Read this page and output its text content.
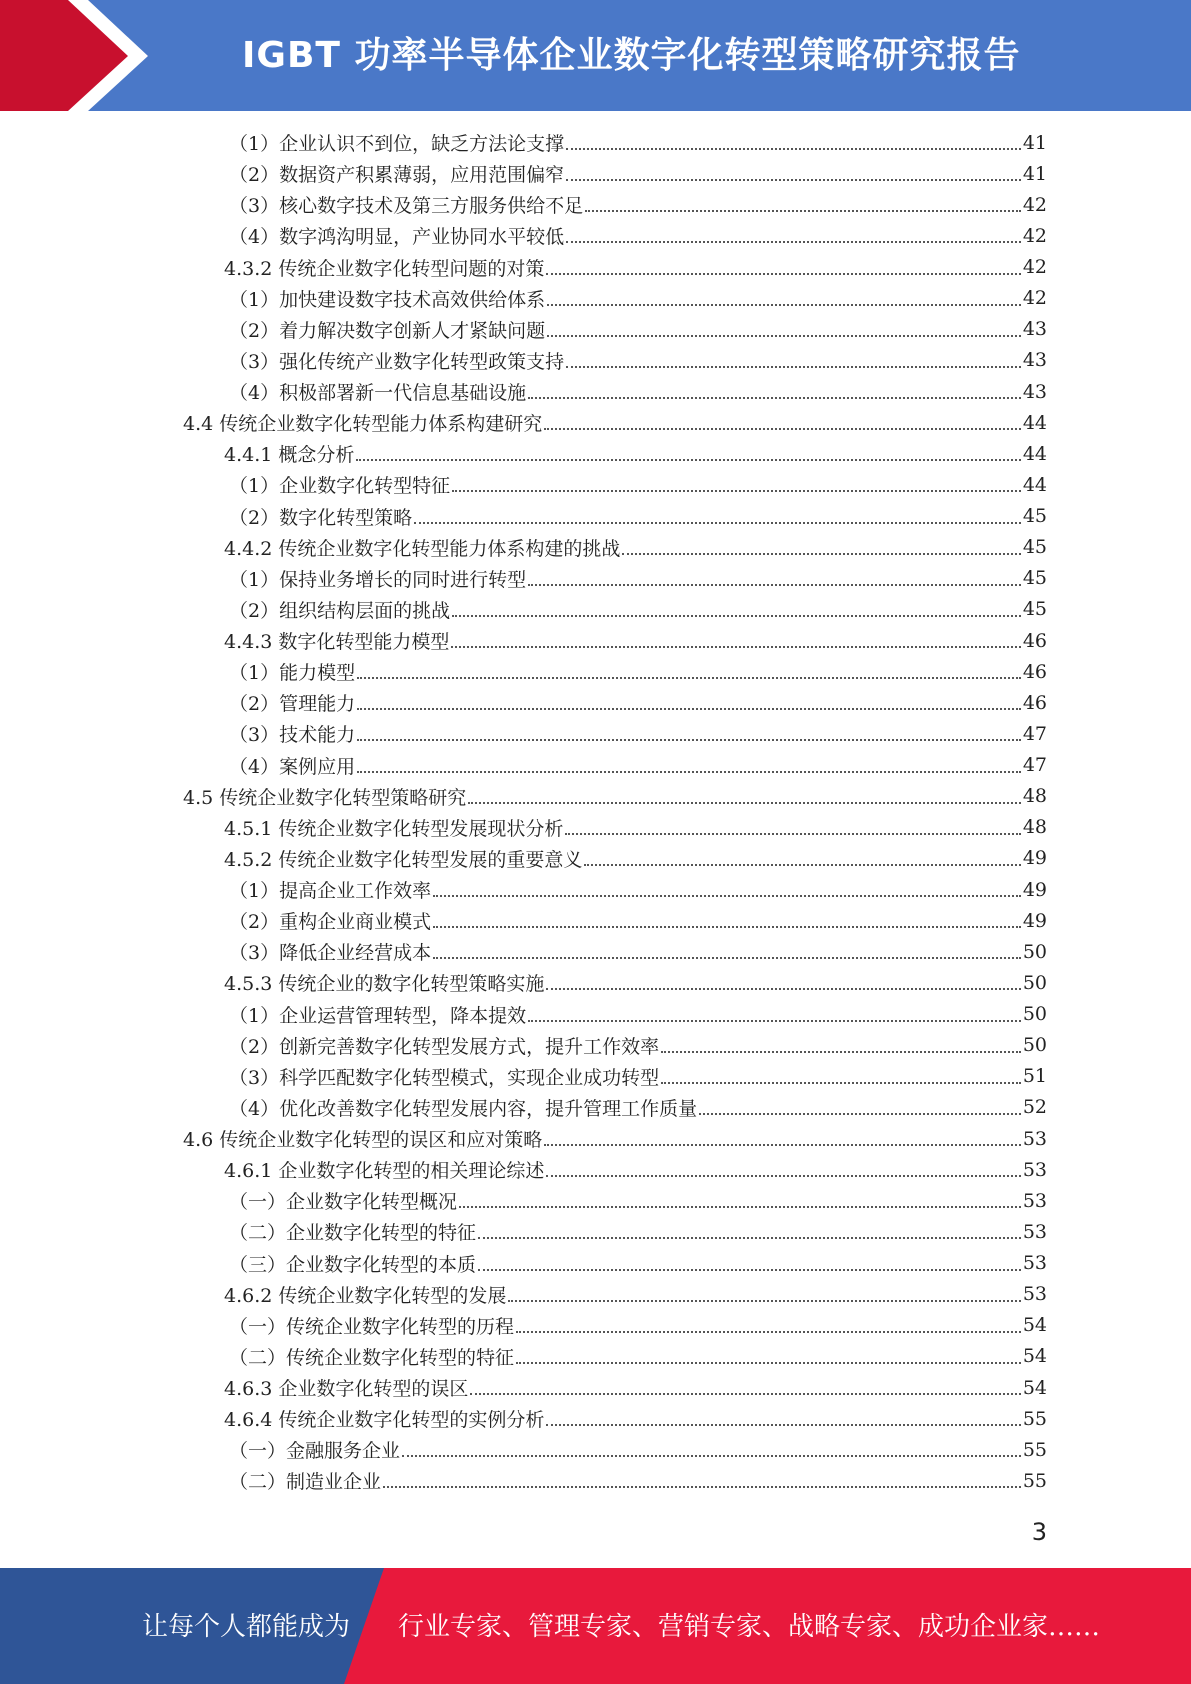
IGBT 功率半导体企业数字化转型策略研究报告
（1）企业认识不到位，缺乏方法论支撑	41
（2）数据资产积累薄弱，应用范围偏窄	41
（3）核心数字技术及第三方服务供给不足	42
（4）数字鸿沟明显，产业协同水平较低	42
4.3.2 传统企业数字化转型问题的对策	42
（1）加快建设数字技术高效供给体系	42
（2）着力解决数字创新人才紧缺问题	43
（3）强化传统产业数字化转型政策支持	43
（4）积极部署新一代信息基础设施	43
4.4 传统企业数字化转型能力体系构建研究	44
4.4.1 概念分析	44
（1）企业数字化转型特征	44
（2）数字化转型策略	45
4.4.2 传统企业数字化转型能力体系构建的挑战	45
（1）保持业务增长的同时进行转型	45
（2）组织结构层面的挑战	45
4.4.3 数字化转型能力模型	46
（1）能力模型	46
（2）管理能力	46
（3）技术能力	47
（4）案例应用	47
4.5 传统企业数字化转型策略研究	48
4.5.1 传统企业数字化转型发展现状分析	48
4.5.2 传统企业数字化转型发展的重要意义	49
（1）提高企业工作效率	49
（2）重构企业商业模式	49
（3）降低企业经营成本	50
4.5.3 传统企业的数字化转型策略实施	50
（1）企业运营管理转型，降本提效	50
（2）创新完善数字化转型发展方式，提升工作效率	50
（3）科学匹配数字化转型模式，实现企业成功转型	51
（4）优化改善数字化转型发展内容，提升管理工作质量	52
4.6 传统企业数字化转型的误区和应对策略	53
4.6.1 企业数字化转型的相关理论综述	53
（一）企业数字化转型概况	53
（二）企业数字化转型的特征	53
（三）企业数字化转型的本质	53
4.6.2 传统企业数字化转型的发展	53
（一）传统企业数字化转型的历程	54
（二）传统企业数字化转型的特征	54
4.6.3 企业数字化转型的误区	54
4.6.4 传统企业数字化转型的实例分析	55
（一）金融服务企业	55
（二）制造业企业	55
3
让每个人都能成为 行业专家、管理专家、营销专家、战略专家、成功企业家……
